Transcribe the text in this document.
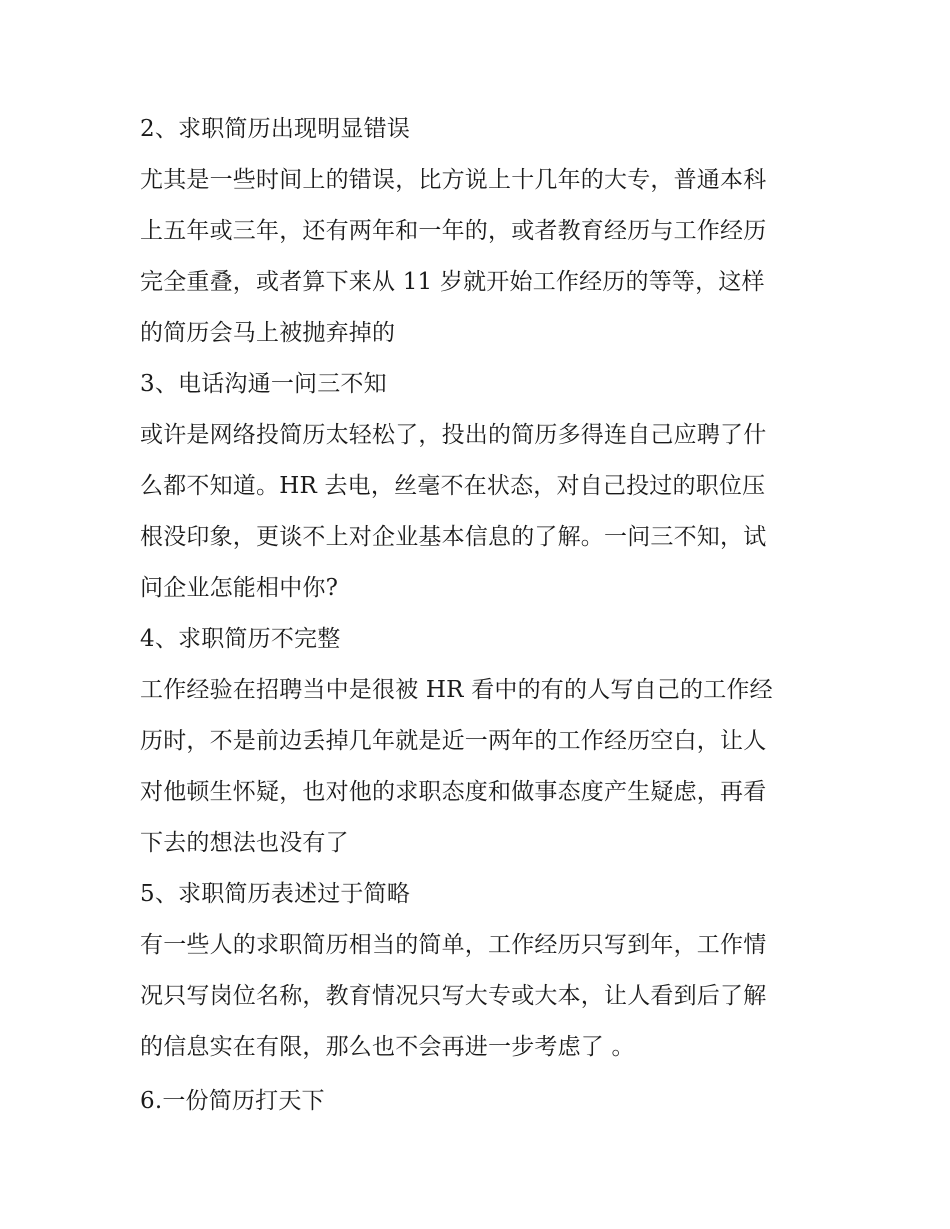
2、求职简历出现明显错误
尤其是一些时间上的错误，比方说上十几年的大专，普通本科
上五年或三年，还有两年和一年的，或者教育经历与工作经历
完全重叠，或者算下来从 11 岁就开始工作经历的等等，这样
的简历会马上被抛弃掉的
3、电话沟通一问三不知
或许是网络投简历太轻松了，投出的简历多得连自己应聘了什
么都不知道。HR 去电，丝毫不在状态，对自己投过的职位压
根没印象，更谈不上对企业基本信息的了解。一问三不知，试
问企业怎能相中你?
4、求职简历不完整
工作经验在招聘当中是很被 HR 看中的有的人写自己的工作经
历时，不是前边丢掉几年就是近一两年的工作经历空白，让人
对他顿生怀疑，也对他的求职态度和做事态度产生疑虑，再看
下去的想法也没有了
5、求职简历表述过于简略
有一些人的求职简历相当的简单，工作经历只写到年，工作情
况只写岗位名称，教育情况只写大专或大本，让人看到后了解
的信息实在有限，那么也不会再进一步考虑了 。
6.一份简历打天下
